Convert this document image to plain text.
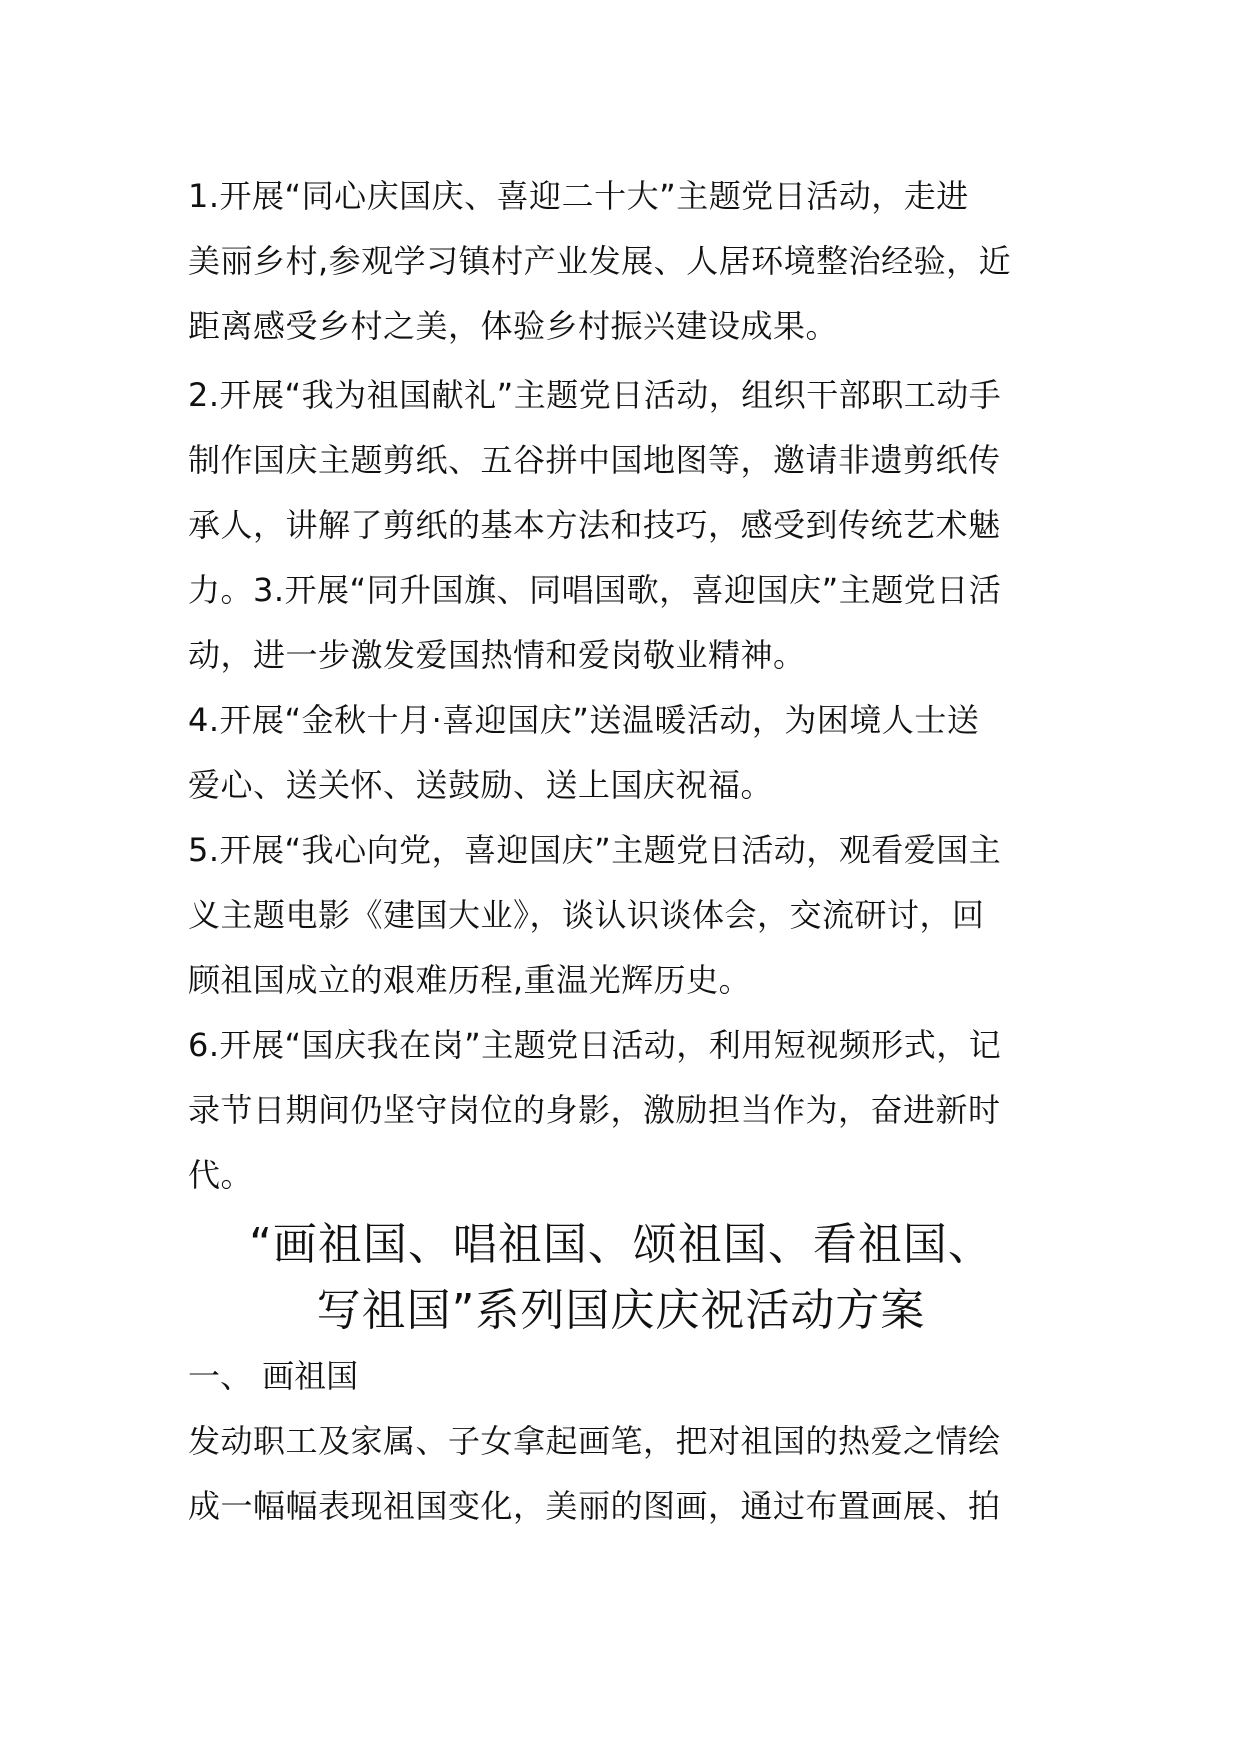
1.开展“同心庆国庆、喜迎二十大”主题党日活动，走进
美丽乡村,参观学习镇村产业发展、人居环境整治经验，近
距离感受乡村之美，体验乡村振兴建设成果。
2.开展“我为祖国献礼”主题党日活动，组织干部职工动手
制作国庆主题剪纸、五谷拼中国地图等，邀请非遗剪纸传
承人，讲解了剪纸的基本方法和技巧，感受到传统艺术魅
力。3.开展“同升国旗、同唱国歌，喜迎国庆”主题党日活
动，进一步激发爱国热情和爱岗敬业精神。
4.开展“金秋十月·喜迎国庆”送温暖活动，为困境人士送
爱心、送关怀、送鼓励、送上国庆祝福。
5.开展“我心向党，喜迎国庆”主题党日活动，观看爱国主
义主题电影《建国大业》，谈认识谈体会，交流研讨，回
顾祖国成立的艰难历程,重温光辉历史。
6.开展“国庆我在岗”主题党日活动，利用短视频形式，记
录节日期间仍坚守岗位的身影，激励担当作为，奋进新时
代。
“画祖国、唱祖国、颂祖国、看祖国、
写祖国”系列国庆庆祝活动方案
一、 画祖国
发动职工及家属、子女拿起画笔，把对祖国的热爱之情绘
成一幅幅表现祖国变化，美丽的图画，通过布置画展、拍
